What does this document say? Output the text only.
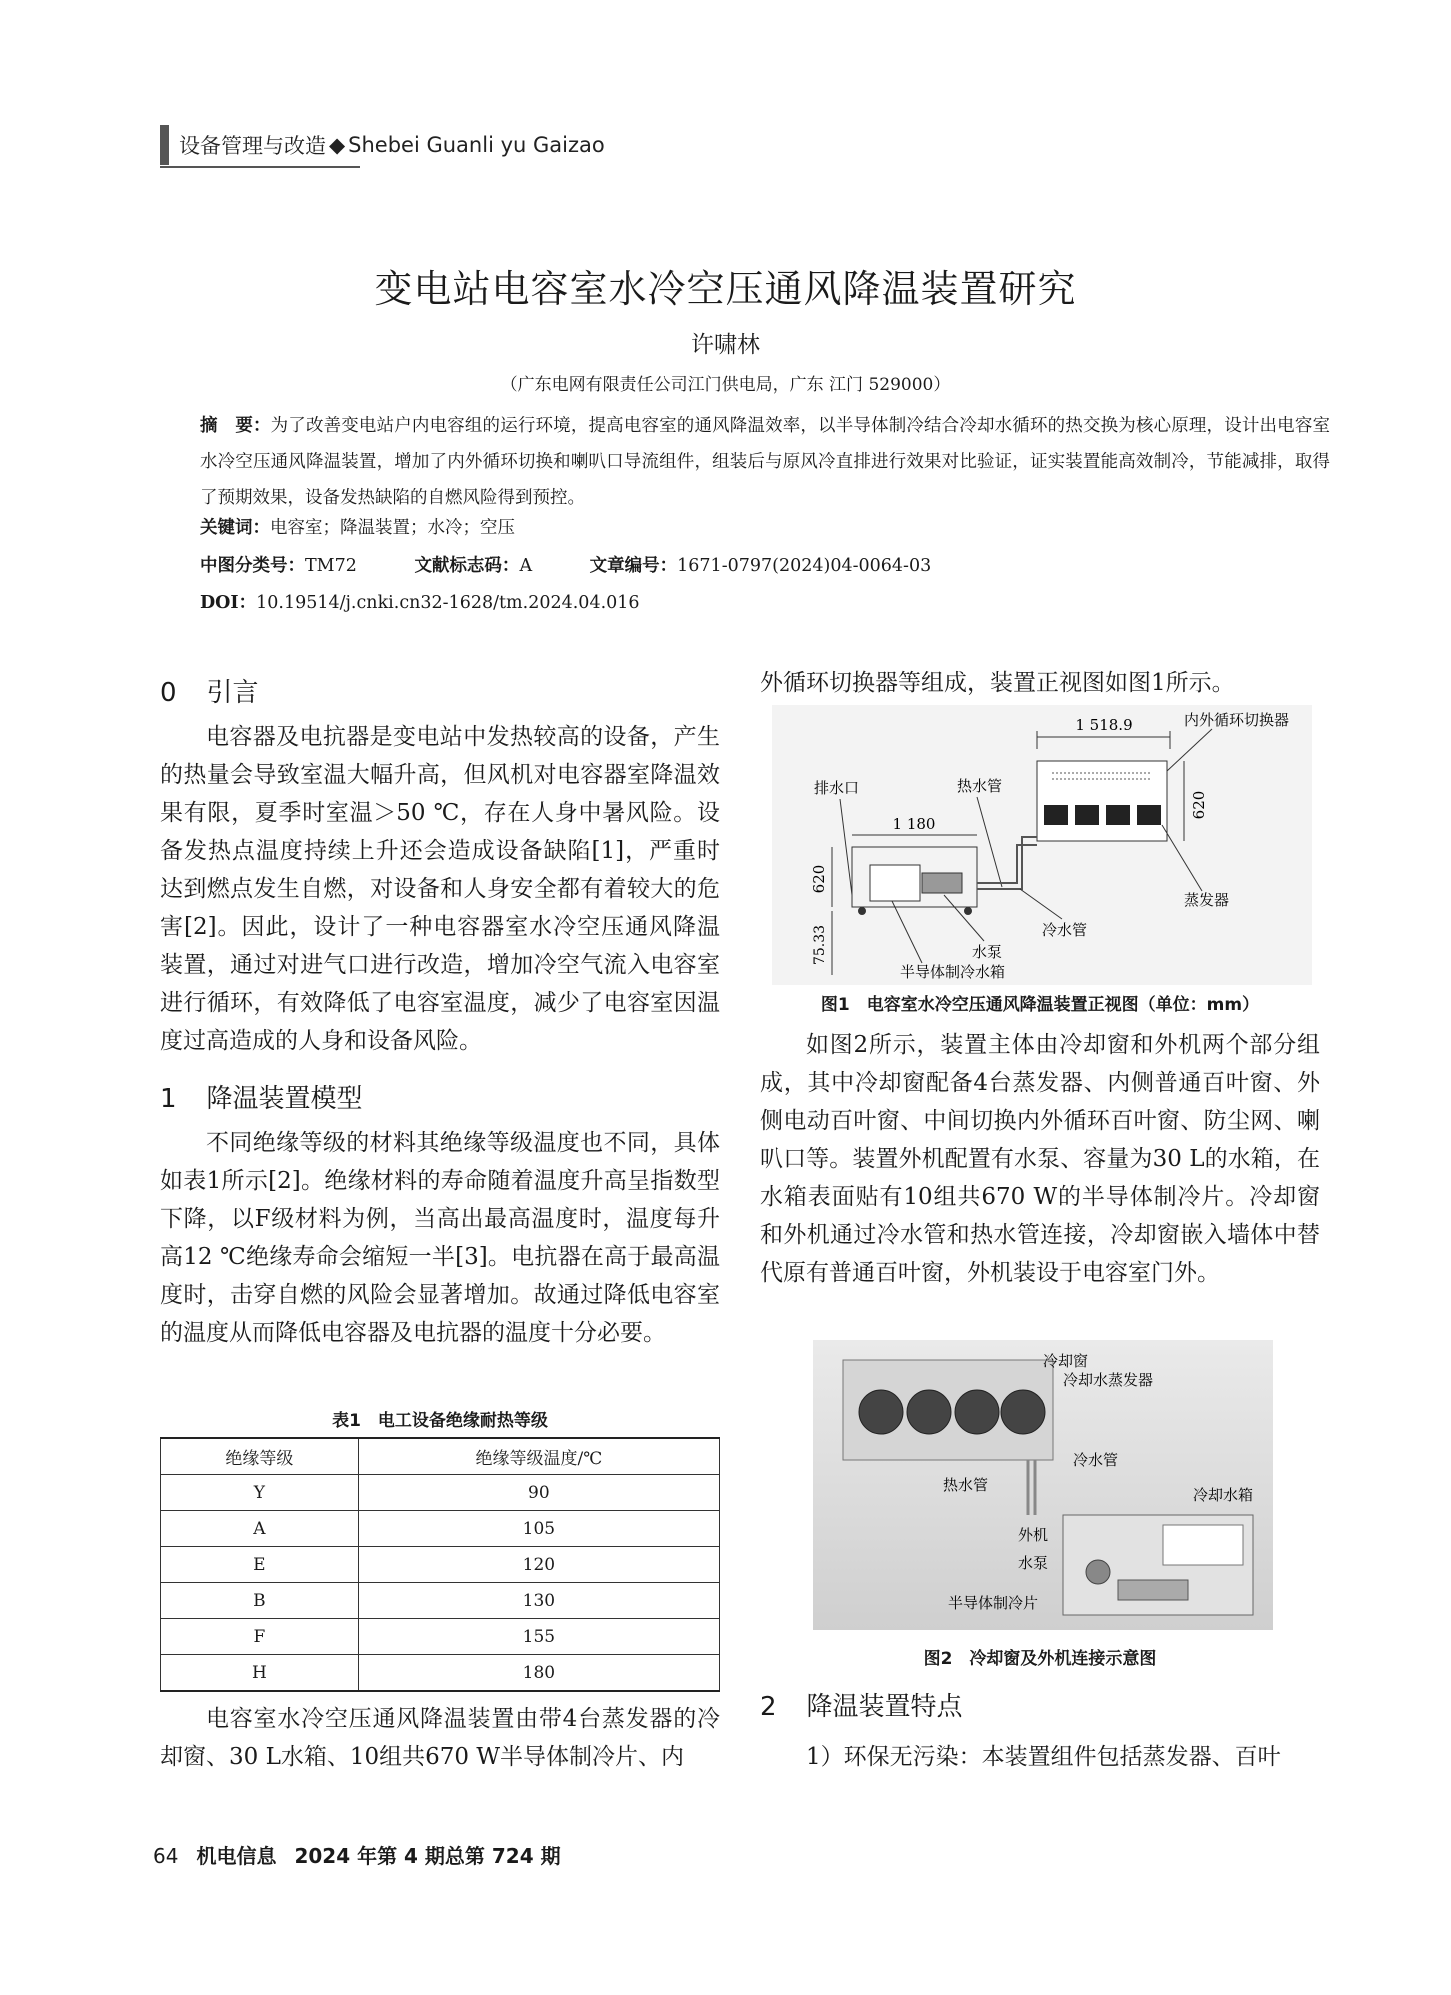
设备管理与改造 ◆ Shebei Guanli yu Gaizao
变电站电容室水冷空压通风降温装置研究
许啸林
（广东电网有限责任公司江门供电局，广东 江门 529000）
摘　要：为了改善变电站户内电容组的运行环境，提高电容室的通风降温效率，以半导体制冷结合冷却水循环的热交换为核心原理，设计出电容室水冷空压通风降温装置，增加了内外循环切换和喇叭口导流组件，组装后与原风冷直排进行效果对比验证，证实装置能高效制冷，节能减排，取得了预期效果，设备发热缺陷的自燃风险得到预控。
关键词：电容室；降温装置；水冷；空压
中图分类号：TM72	文献标志码：A	文章编号：1671-0797(2024)04-0064-03
DOI：10.19514/j.cnki.cn32-1628/tm.2024.04.016
0 引言
电容器及电抗器是变电站中发热较高的设备，产生的热量会导致室温大幅升高，但风机对电容器室降温效果有限，夏季时室温＞50 ℃，存在人身中暑风险。设备发热点温度持续上升还会造成设备缺陷[1]，严重时达到燃点发生自燃，对设备和人身安全都有着较大的危害[2]。因此，设计了一种电容器室水冷空压通风降温装置，通过对进气口进行改造，增加冷空气流入电容室进行循环，有效降低了电容室温度，减少了电容室因温度过高造成的人身和设备风险。
1 降温装置模型
不同绝缘等级的材料其绝缘等级温度也不同，具体如表1所示[2]。绝缘材料的寿命随着温度升高呈指数型下降，以F级材料为例，当高出最高温度时，温度每升高12 ℃绝缘寿命会缩短一半[3]。电抗器在高于最高温度时，击穿自燃的风险会显著增加。故通过降低电容室的温度从而降低电容器及电抗器的温度十分必要。
表1　电工设备绝缘耐热等级
绝缘等级	绝缘等级温度/℃
Y	90
A	105
E	120
B	130
F	155
H	180
电容室水冷空压通风降温装置由带4台蒸发器的冷却窗、30 L水箱、10组共670 W半导体制冷片、内
外循环切换器等组成，装置正视图如图1所示。
1 518.9	内外循环切换器
620
蒸发器
排水口	热水管
1 180
620
75.33	冷水管
水泵
半导体制冷水箱
图1　电容室水冷空压通风降温装置正视图（单位：mm）
如图2所示，装置主体由冷却窗和外机两个部分组成，其中冷却窗配备4台蒸发器、内侧普通百叶窗、外侧电动百叶窗、中间切换内外循环百叶窗、防尘网、喇叭口等。装置外机配置有水泵、容量为30 L的水箱，在水箱表面贴有10组共670 W的半导体制冷片。冷却窗和外机通过冷水管和热水管连接，冷却窗嵌入墙体中替代原有普通百叶窗，外机装设于电容室门外。
冷却窗
冷却水蒸发器
冷水管
热水管
冷却水箱
外机
水泵
半导体制冷片
图2　冷却窗及外机连接示意图
2 降温装置特点
1）环保无污染：本装置组件包括蒸发器、百叶
64 机电信息 2024 年第 4 期总第 724 期
